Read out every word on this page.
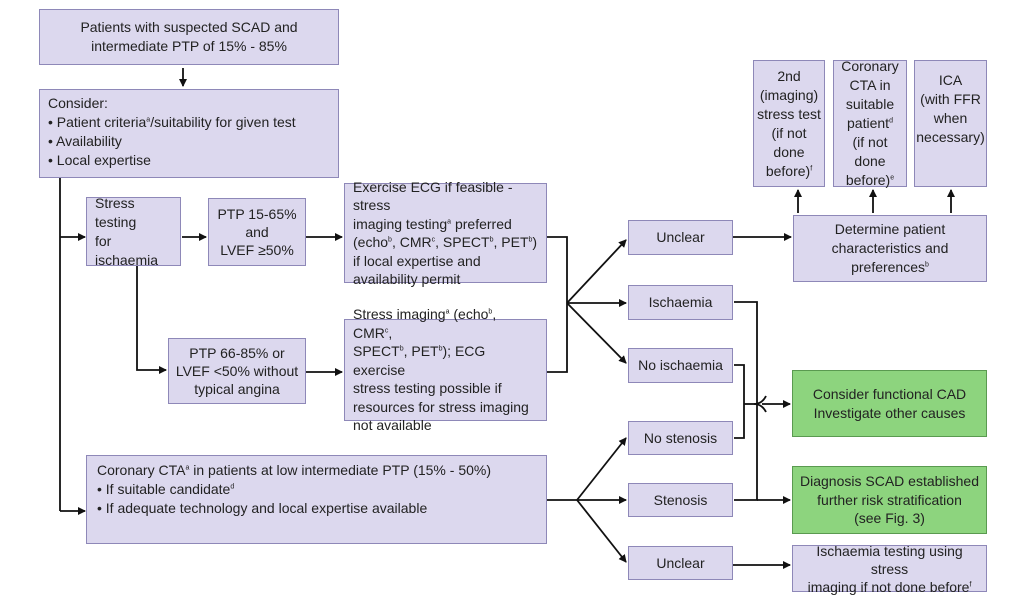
Patients with suspected SCAD and
intermediate PTP of 15% - 85%
Consider:
• Patient criteria$^a$/suitability for given test
• Availability
• Local expertise
Stress testing
for ischaemia
PTP 15-65%
and
LVEF ≥50%
Exercise ECG if feasible - stress
imaging testing$^a$ preferred
(echo$^b$, CMR$^c$, SPECT$^b$, PET$^b$)
if local expertise and
availability permit
PTP 66-85% or
LVEF <50% without
typical angina
Stress imaging$^a$ (echo$^b$, CMR$^c$,
SPECT$^b$, PET$^b$); ECG exercise
stress testing possible if
resources for stress imaging
not available
Coronary CTA$^a$ in patients at low intermediate PTP (15% - 50%)
• If suitable candidate$^d$
• If adequate technology and local expertise available
Unclear
Ischaemia
No ischaemia
No stenosis
Stenosis
Unclear
2nd
(imaging)
stress test
(if not
done
before)$^f$
Coronary
CTA in
suitable
patient$^d$
(if not done
before)$^e$
ICA
(with FFR
when
necessary)
Determine patient
characteristics and
preferences$^b$
Consider functional CAD
Investigate other causes
Diagnosis SCAD established
further risk stratification
(see Fig. 3)
Ischaemia testing using stress
imaging if not done before$^f$
